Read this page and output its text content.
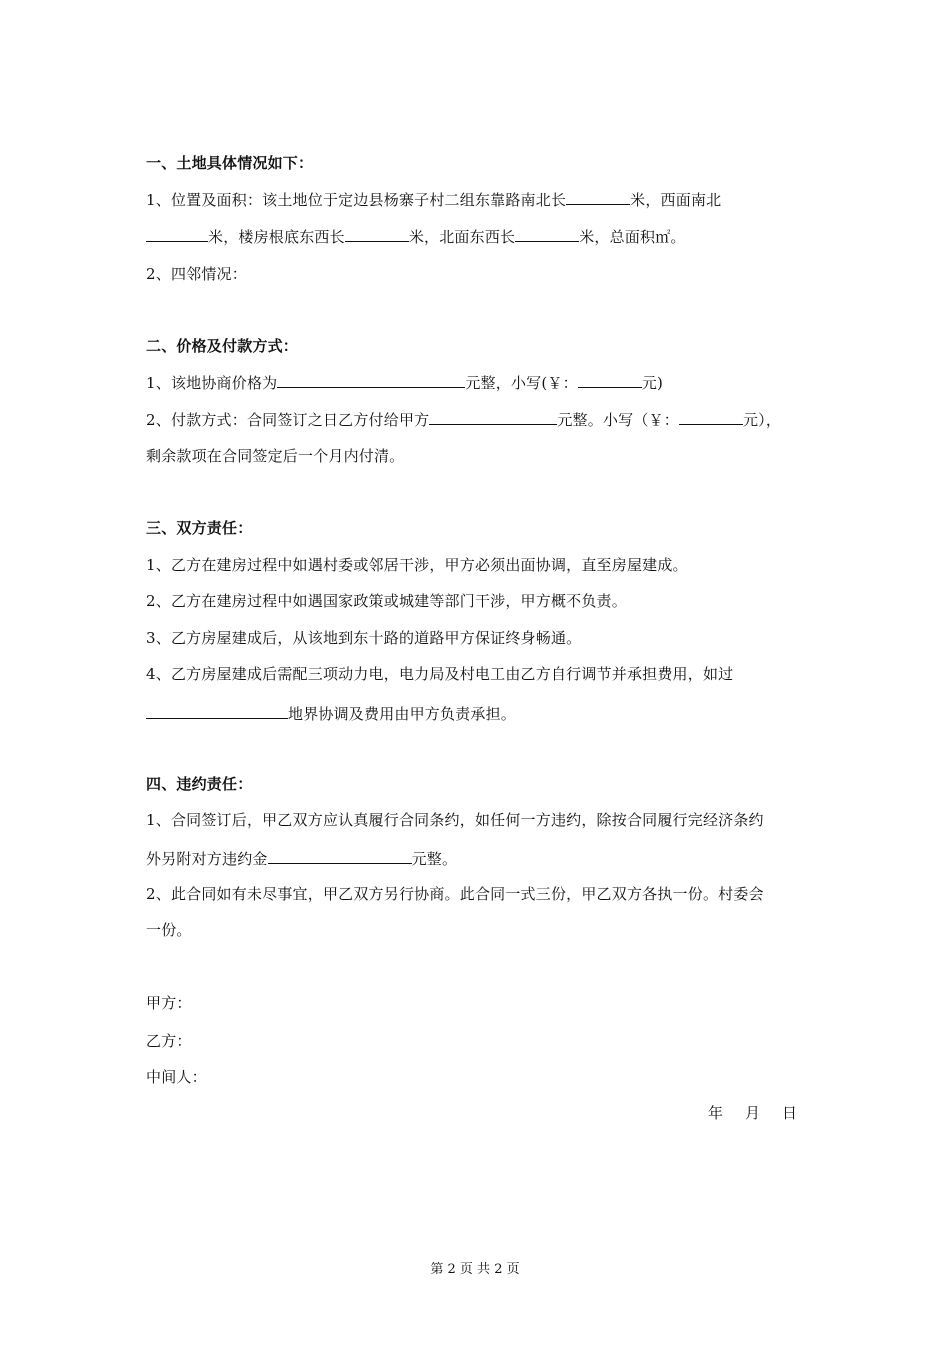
一、土地具体情况如下：
1、位置及面积：该土地位于定边县杨寨子村二组东靠路南北长	米，西面南北
米，楼房根底东西长	米，北面东西长	米，总面积㎡。
2、四邻情况：
二、价格及付款方式：
1、该地协商价格为	元整，小写(￥：	元)
2、付款方式：合同签订之日乙方付给甲方	元整。小写（￥：	元），
剩余款项在合同签定后一个月内付清。
三、双方责任：
1、乙方在建房过程中如遇村委或邻居干涉，甲方必须出面协调，直至房屋建成。
2、乙方在建房过程中如遇国家政策或城建等部门干涉，甲方概不负责。
3、乙方房屋建成后，从该地到东十路的道路甲方保证终身畅通。
4、乙方房屋建成后需配三项动力电，电力局及村电工由乙方自行调节并承担费用，如过
地界协调及费用由甲方负责承担。
四、违约责任：
1、合同签订后，甲乙双方应认真履行合同条约，如任何一方违约，除按合同履行完经济条约
外另附对方违约金	元整。
2、此合同如有未尽事宜，甲乙双方另行协商。此合同一式三份，甲乙双方各执一份。村委会
一份。
甲方：
乙方：
中间人：
年 月 日
第 2 页 共 2 页
